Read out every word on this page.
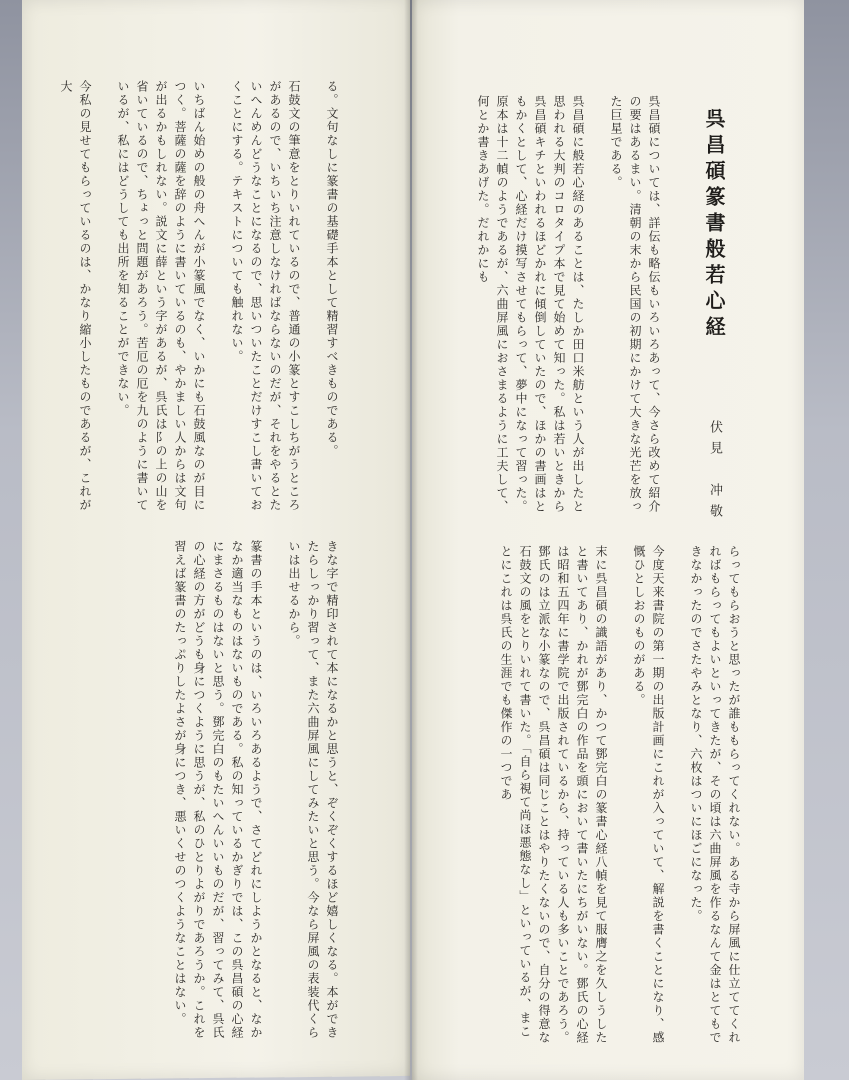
呉昌碩篆書般若心経
伏見　冲敬

呉昌碩については、詳伝も略伝もいろいろあって、今さら改めて紹介の要はあるまい。清朝の末から民国の初期にかけて大きな光芒を放った巨星である。

呉昌碩に般若心経のあることは、たしか田口米舫という人が出したと思われる大判のコロタイプ本で見て始めて知った。私は若いときから呉昌碩キチといわれるほどかれに傾倒していたので、ほかの書画はともかくとして、心経だけ摸写させてもらって、夢中になって習った。原本は十二幀のようであるが、六曲屏風におさまるように工夫して、何とか書きあげた。だれかにも

らってもらおうと思ったが誰ももらってくれない。ある寺から屏風に仕立ててくれればもらってもよいといってきたが、その頃は六曲屏風を作るなんて金はとてもできなかったのでさたやみとなり、六枚はついにほごになった。

今度天来書院の第一期の出版計画にこれが入っていて、解説を書くことになり、感慨ひとしおのものがある。

末に呉昌碩の識語があり、かつて鄧完白の篆書心経八幀を見て服膺之を久しうしたと書いてあり、かれが鄧完白の作品を頭において書いたにちがいない。鄧氏の心経は昭和五四年に書学院で出版されているから、持っている人も多いことであろう。鄧氏のは立派な小篆なので、呉昌碩は同じことはやりたくないので、自分の得意な石鼓文の風をとりいれて書いた。「自ら視て尚ほ悪態なし」といっているが、まことにこれは呉氏の生涯でも傑作の一つであ

る。文句なしに篆書の基礎手本として精習すべきものである。

石鼓文の筆意をとりいれているので、普通の小篆とすこしちがうところがあるので、いちいち注意しなければならないのだが、それをやるとたいへんめんどうなことになるので、思いついたことだけすこし書いておくことにする。テキストについても触れない。

いちばん始めの般の舟へんが小篆風でなく、いかにも石鼓風なのが目につく。菩薩の薩を辞のように書いているのも、やかましい人からは文句が出るかもしれない。説文に薛という字があるが、呉氏は阝の上の山を省いているので、ちょっと問題があろう。苦厄の厄を九のように書いているが、私にはどうしても出所を知ることができない。

今私の見せてもらっているのは、かなり縮小したものであるが、これが大

きな字で精印されて本になるかと思うと、ぞくぞくするほど嬉しくなる。本ができたらしっかり習って、また六曲屏風にしてみたいと思う。今なら屏風の表装代くらいは出せるから。

篆書の手本というのは、いろいろあるようで、さてどれにしようかとなると、なかなか適当なものはないものである。私の知っているかぎりでは、この呉昌碩の心経にまさるものはないと思う。鄧完白のもたいへんいいものだが、習ってみて、呉氏の心経の方がどうも身につくように思うが、私のひとりよがりであろうか。これを習えば篆書のたっぷりしたよさが身につき、悪いくせのつくようなことはない。
